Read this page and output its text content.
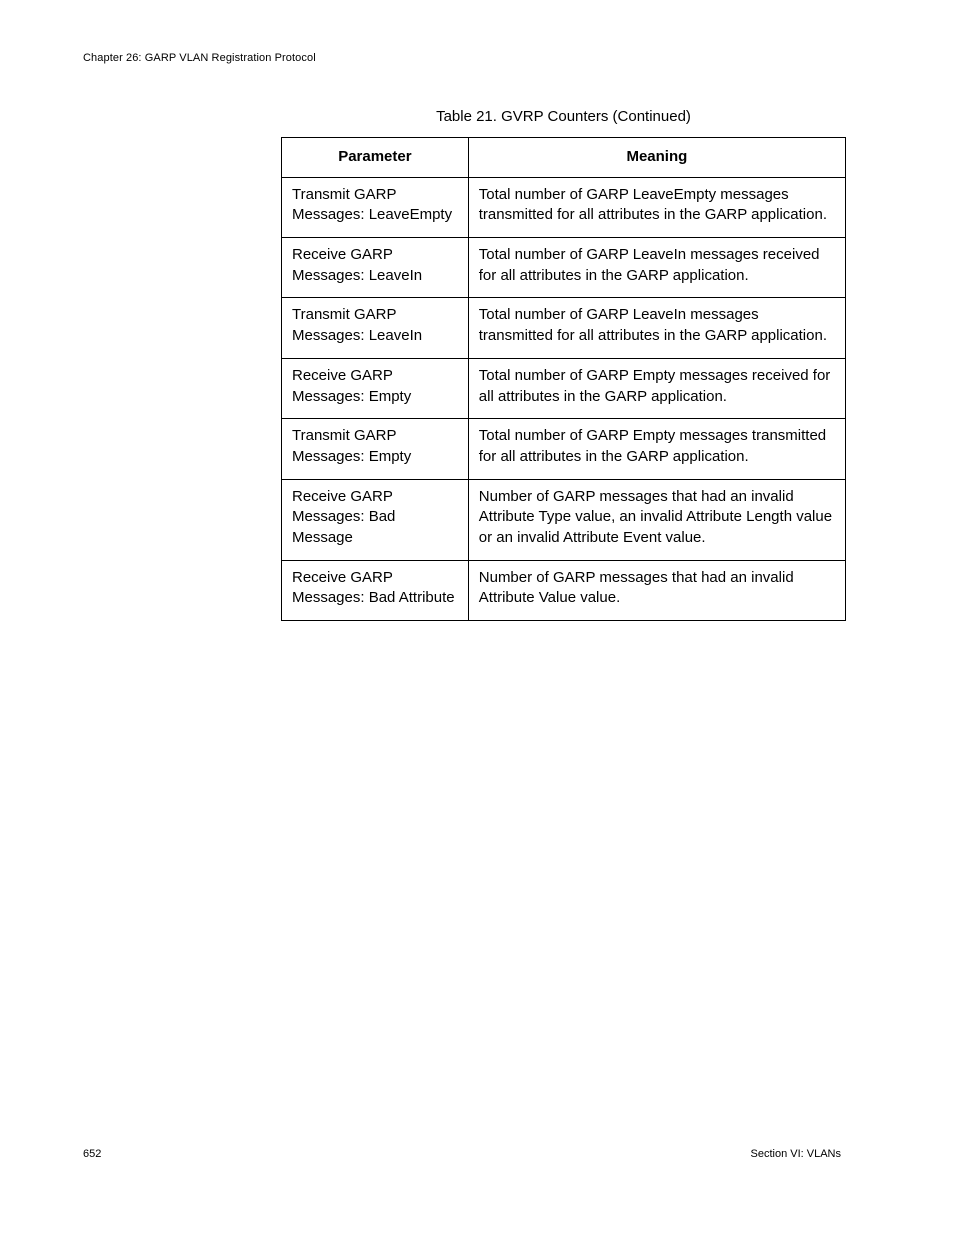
Chapter 26: GARP VLAN Registration Protocol
Table 21. GVRP Counters (Continued)
Parameter	Meaning
Transmit GARP Messages: LeaveEmpty	Total number of GARP LeaveEmpty messages transmitted for all attributes in the GARP application.
Receive GARP Messages: LeaveIn	Total number of GARP LeaveIn messages received for all attributes in the GARP application.
Transmit GARP Messages: LeaveIn	Total number of GARP LeaveIn messages transmitted for all attributes in the GARP application.
Receive GARP Messages: Empty	Total number of GARP Empty messages received for all attributes in the GARP application.
Transmit GARP Messages: Empty	Total number of GARP Empty messages transmitted for all attributes in the GARP application.
Receive GARP Messages: Bad Message	Number of GARP messages that had an invalid Attribute Type value, an invalid Attribute Length value or an invalid Attribute Event value.
Receive GARP Messages: Bad Attribute	Number of GARP messages that had an invalid Attribute Value value.
652	Section VI: VLANs
